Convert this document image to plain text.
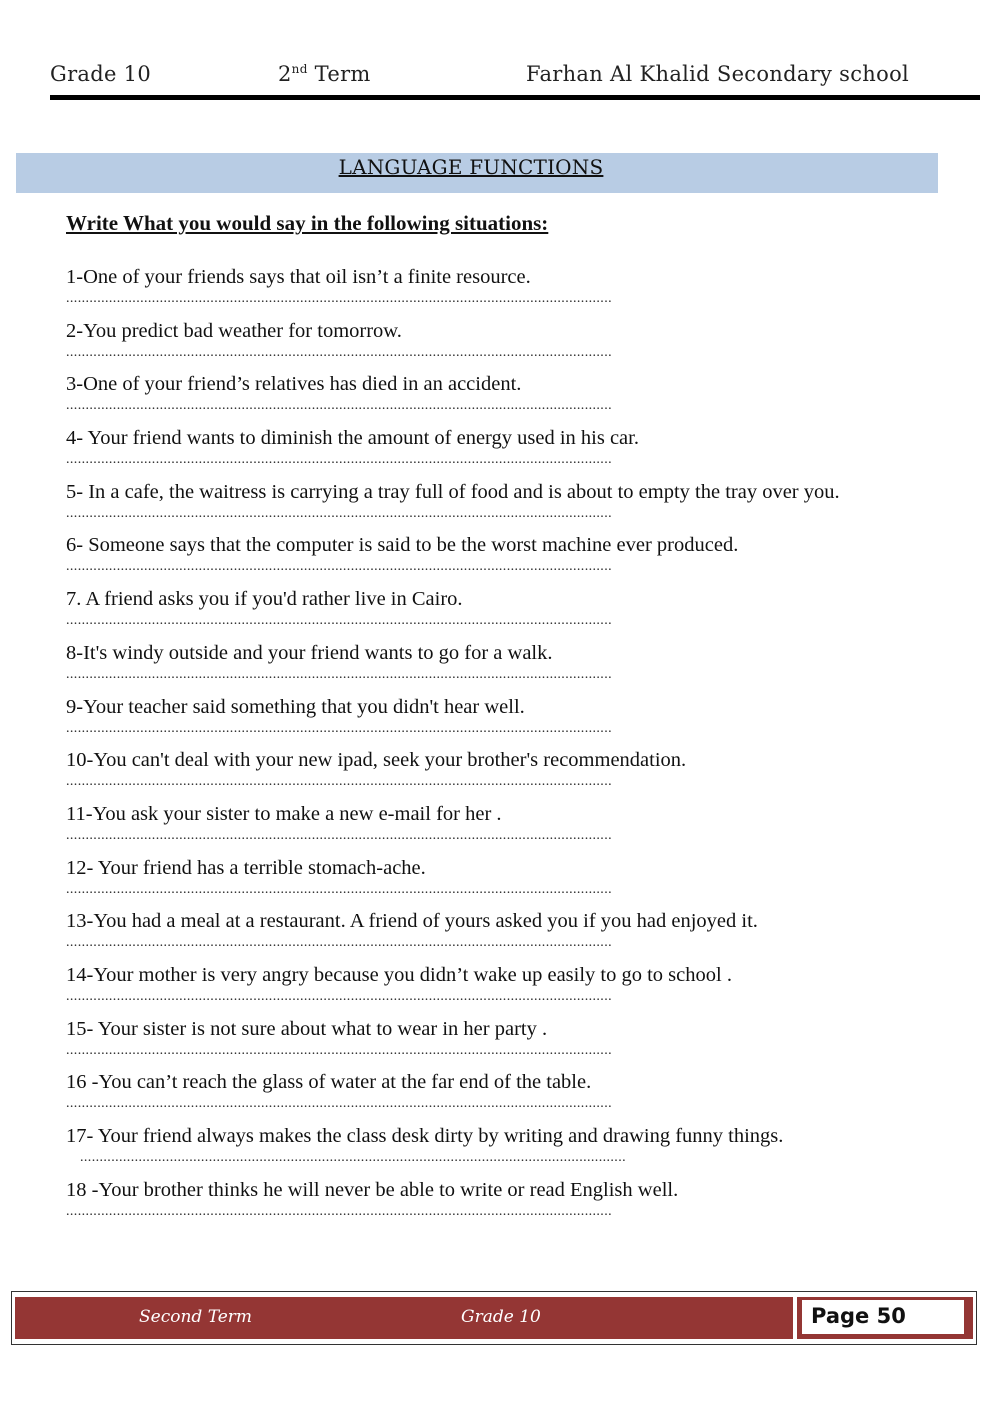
Grade 10	2nd Term	Farhan Al Khalid Secondary school
LANGUAGE FUNCTIONS
Write What you would say in the following situations:
1-One of your friends says that oil isn’t a finite resource.
............................................................................................................................................
2-You predict bad weather for tomorrow.
............................................................................................................................................
3-One of your friend’s relatives has died in an accident.
............................................................................................................................................
4- Your friend wants to diminish the amount of energy used in his car.
............................................................................................................................................
5- In a cafe, the waitress is carrying a tray full of food and is about to empty the tray over you.
............................................................................................................................................
6- Someone says that the computer is said to be the worst machine ever produced.
............................................................................................................................................
7. A friend asks you if you'd rather live in Cairo.
............................................................................................................................................
8-It's windy outside and your friend wants to go for a walk.
............................................................................................................................................
9-Your teacher said something that you didn't hear well.
............................................................................................................................................
10-You can't deal with your new ipad, seek your brother's recommendation.
............................................................................................................................................
11-You ask your sister to make a new e-mail for her .
............................................................................................................................................
12- Your friend has a terrible stomach-ache.
............................................................................................................................................
13-You had a meal at a restaurant. A friend of yours asked you if you had enjoyed it.
............................................................................................................................................
14-Your mother is very angry because you didn’t wake up easily to go to school .
............................................................................................................................................
15- Your sister is not sure about what to wear in her party .
............................................................................................................................................
16 -You can’t reach the glass of water at the far end of the table.
............................................................................................................................................
17- Your friend always makes the class desk dirty by writing and drawing funny things.
............................................................................................................................................
18 -Your brother thinks he will never be able to write or read English well.
............................................................................................................................................
Second Term	Grade 10	Page 50
